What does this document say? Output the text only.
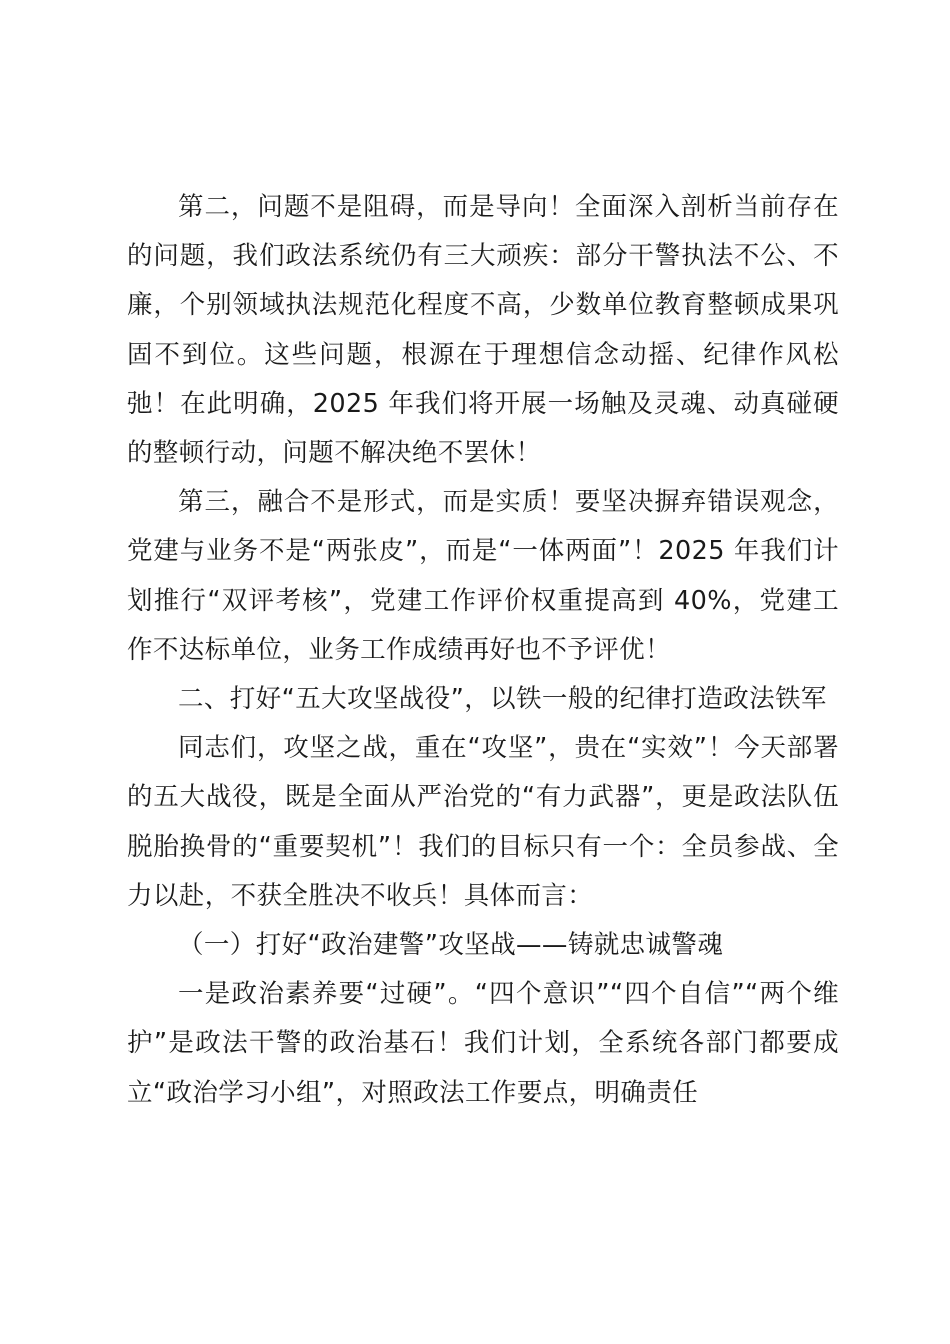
第二，问题不是阻碍，而是导向！全面深入剖析当前存在的问题，我们政法系统仍有三大顽疾：部分干警执法不公、不廉，个别领域执法规范化程度不高，少数单位教育整顿成果巩固不到位。这些问题，根源在于理想信念动摇、纪律作风松弛！在此明确，2025 年我们将开展一场触及灵魂、动真碰硬的整顿行动，问题不解决绝不罢休！

第三，融合不是形式，而是实质！要坚决摒弃错误观念，党建与业务不是“两张皮”，而是“一体两面”！2025 年我们计划推行“双评考核”，党建工作评价权重提高到 40%，党建工作不达标单位，业务工作成绩再好也不予评优！

二、打好“五大攻坚战役”，以铁一般的纪律打造政法铁军

同志们，攻坚之战，重在“攻坚”，贵在“实效”！今天部署的五大战役，既是全面从严治党的“有力武器”，更是政法队伍脱胎换骨的“重要契机”！我们的目标只有一个：全员参战、全力以赴，不获全胜决不收兵！具体而言：

（一）打好“政治建警”攻坚战——铸就忠诚警魂

一是政治素养要“过硬”。“四个意识”“四个自信”“两个维护”是政法干警的政治基石！我们计划，全系统各部门都要成立“政治学习小组”，对照政法工作要点，明确责任
